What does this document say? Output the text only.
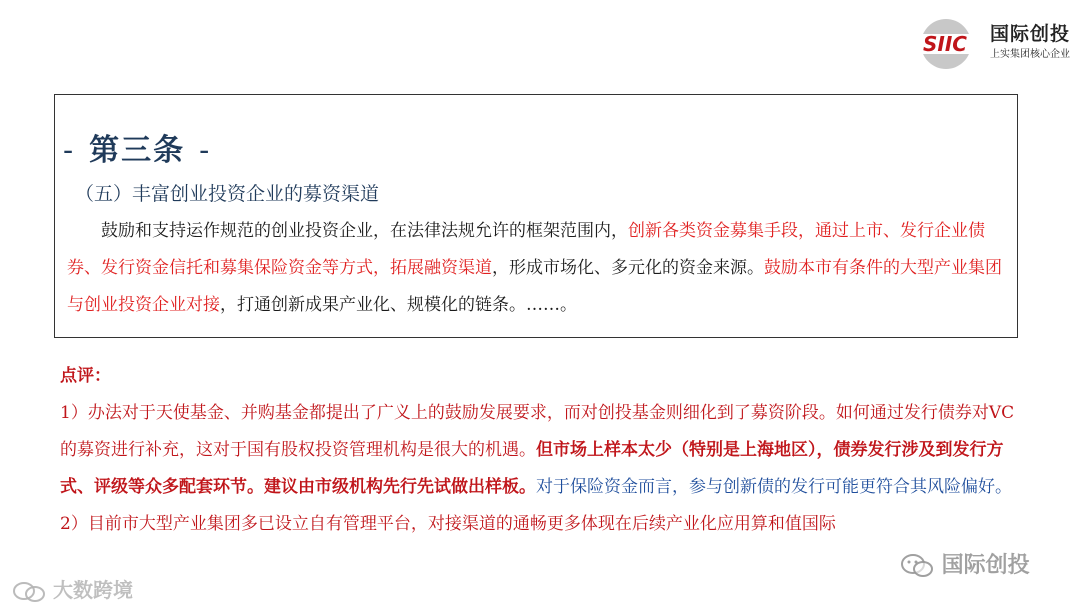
SIIC 国际创投
上实集团核心企业
- 第三条 -
（五）丰富创业投资企业的募资渠道
鼓励和支持运作规范的创业投资企业，在法律法规允许的框架范围内，创新各类资金募集手段，通过上市、发行企业债券、发行资金信托和募集保险资金等方式，拓展融资渠道，形成市场化、多元化的资金来源。鼓励本市有条件的大型产业集团与创业投资企业对接，打通创新成果产业化、规模化的链条。……。

点评：

1）办法对于天使基金、并购基金都提出了广义上的鼓励发展要求，而对创投基金则细化到了募资阶段。如何通过发行债券对VC的募资进行补充，这对于国有股权投资管理机构是很大的机遇。但市场上样本太少（特别是上海地区），债券发行涉及到发行方式、评级等众多配套环节。建议由市级机构先行先试做出样板。对于保险资金而言，参与创新债的发行可能更符合其风险偏好。

2）目前市大型产业集团多已设立自有管理平台，对接渠道的通畅更多体现在后续产业化应用算和值国际

大数跨境
国际创投
